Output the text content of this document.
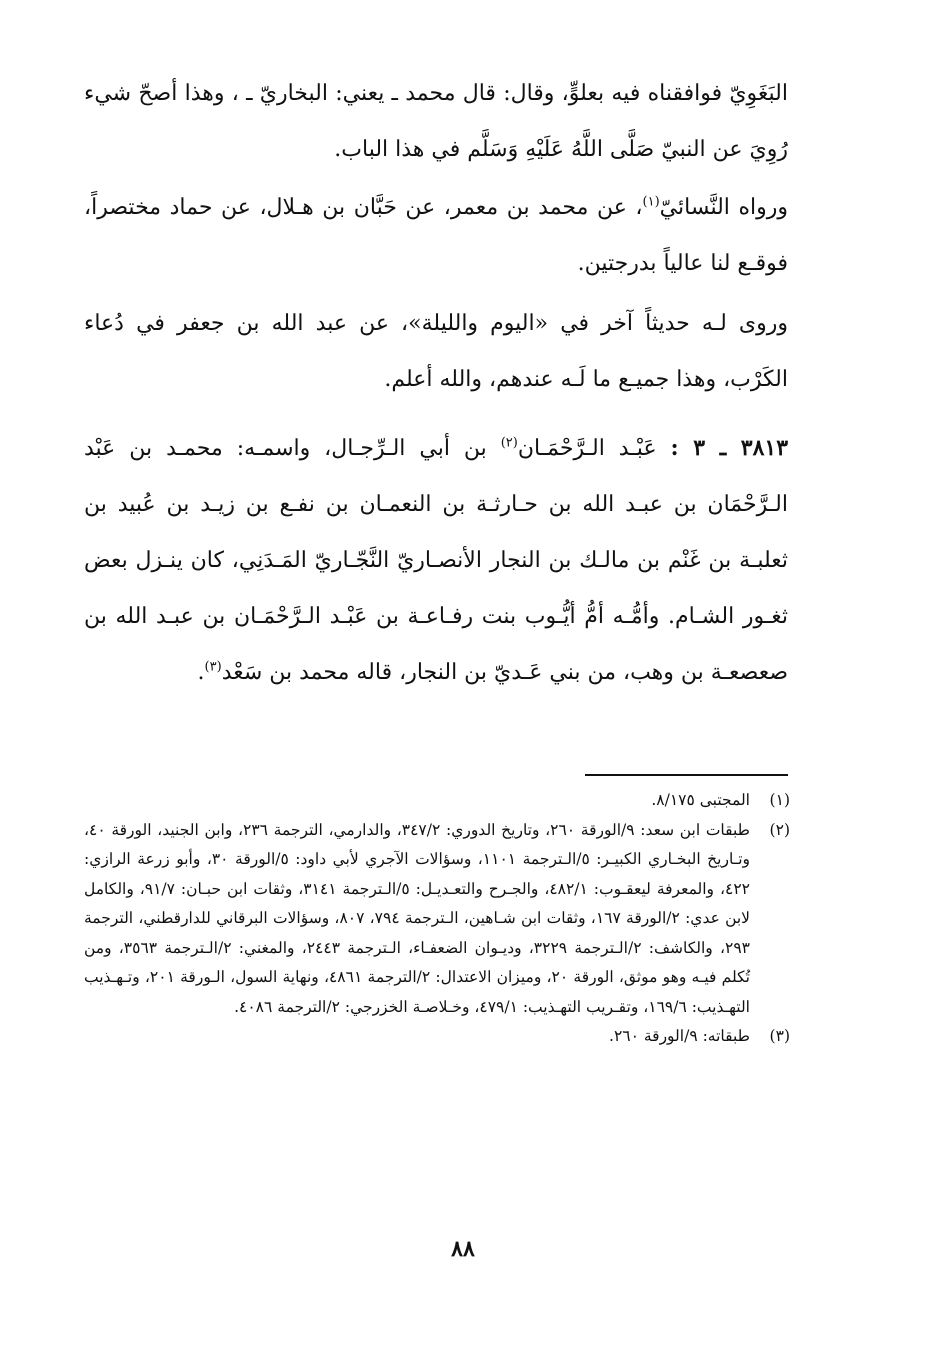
البَغَوِيّ فوافقناه فيه بعلوٍّ، وقال: قال محمد ـ يعني: البخاريّ ـ ، وهذا أصحّ شيء رُوِيَ عن النبيّ صَلَّى اللَّهُ عَلَيْهِ وَسَلَّم في هذا الباب.

ورواه النَّسائيّ$^{(١)}$، عن محمد بن معمر، عن حَبَّان بن هـلال، عن حماد مختصراً، فوقـع لنا عالياً بدرجتين.

وروى لـه حديثاً آخر في «اليوم والليلة»، عن عبد الله بن جعفر في دُعاء الكَرْب، وهذا جميـع ما لَـه عندهم، والله أعلم.

٣٨١٣ ـ ٣ : عَبْـد الـرَّحْمَـان$^{(٢)}$ بن أبي الـرِّجـال، واسمـه: محمـد بن عَبْد الـرَّحْمَان بن عبـد الله بن حـارثـة بن النعمـان بن نفـع بن زيـد بن عُبيد بن ثعلبـة بن غَنْم بن مالـك بن النجار الأنصـاريّ النَّجّـاريّ المَـدَنِي، كان ينـزل بعض ثغـور الشـام. وأمُّـه أمُّ أيُّـوب بنت رفـاعـة بن عَبْـد الـرَّحْمَـان بن عبـد الله بن صعصعـة بن وهب، من بني عَـديّ بن النجار، قاله محمد بن سَعْد$^{(٣)}$.

(١)
المجتبى ٨/١٧٥.
(٢)
طبقات ابن سعد: ٩/الورقة ٢٦٠، وتاريخ الدوري: ٣٤٧/٢، والدارمي، الترجمة ٢٣٦، وابن الجنيد، الورقة ٤٠، وتـاريخ البخـاري الكبيـر: ٥/الـترجمة ١١٠١، وسؤالات الآجري لأبي داود: ٥/الورقة ٣٠، وأبو زرعة الرازي: ٤٢٢، والمعرفة ليعقـوب: ٤٨٢/١، والجـرح والتعـديـل: ٥/الـترجمة ٣١٤١، وثقات ابن حبـان: ٩١/٧، والكامل لابن عدي: ٢/الورقة ١٦٧، وثقات ابن شـاهين، الـترجمة ٧٩٤، ٨٠٧، وسؤالات البرقاني للدارقطني، الترجمة ٢٩٣، والكاشف: ٢/الـترجمة ٣٢٢٩، وديـوان الضعفـاء، الـترجمة ٢٤٤٣، والمغني: ٢/الـترجمة ٣٥٦٣، ومن تُكلم فيـه وهو موثق، الورقة ٢٠، وميزان الاعتدال: ٢/الترجمة ٤٨٦١، ونهاية السول، الـورقة ٢٠١، وتـهـذيب التهـذيب: ١٦٩/٦، وتقـريب التهـذيب: ٤٧٩/١، وخـلاصـة الخزرجي: ٢/الترجمة ٤٠٨٦.
(٣)
طبقاته: ٩/الورقة ٢٦٠.
٨٨
